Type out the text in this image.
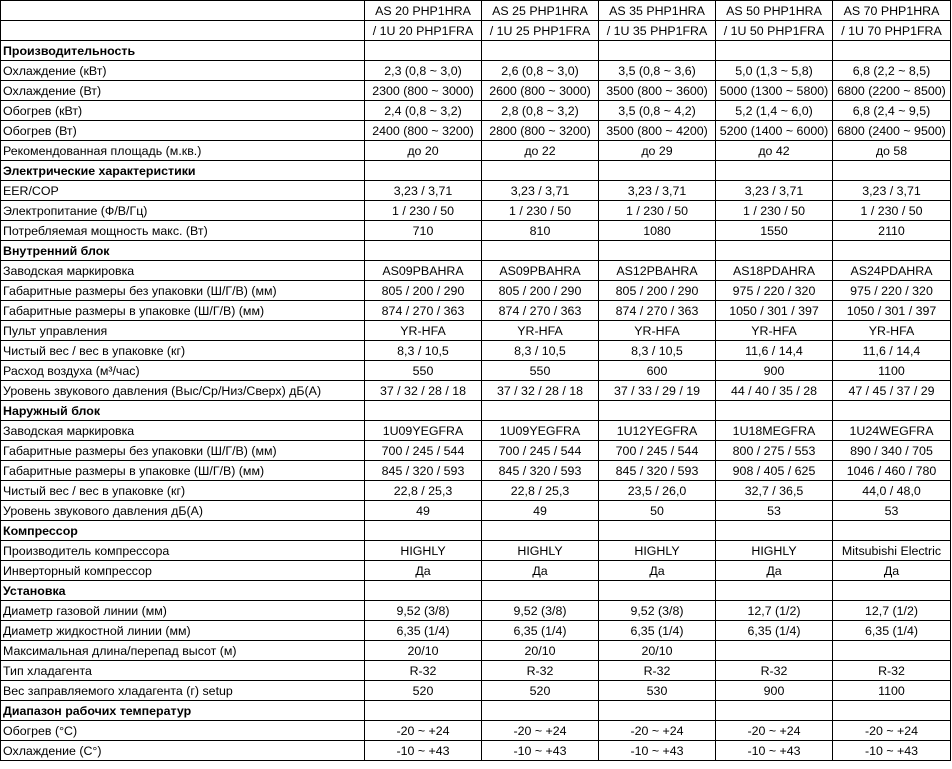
	AS 20 PHP1HRA	AS 25 PHP1HRA	AS 35 PHP1HRA	AS 50 PHP1HRA	AS 70 PHP1HRA
	/ 1U 20 PHP1FRA	/ 1U 25 PHP1FRA	/ 1U 35 PHP1FRA	/ 1U 50 PHP1FRA	/ 1U 70 PHP1FRA
Производительность					
Охлаждение (кВт)	2,3 (0,8 ~ 3,0)	2,6 (0,8 ~ 3,0)	3,5 (0,8 ~ 3,6)	5,0 (1,3 ~ 5,8)	6,8 (2,2 ~ 8,5)
Охлаждение (Вт)	2300 (800 ~ 3000)	2600 (800 ~ 3000)	3500 (800 ~ 3600)	5000 (1300 ~ 5800)	6800 (2200 ~ 8500)
Обогрев (кВт)	2,4 (0,8 ~ 3,2)	2,8 (0,8 ~ 3,2)	3,5 (0,8 ~ 4,2)	5,2 (1,4 ~ 6,0)	6,8 (2,4 ~ 9,5)
Обогрев (Вт)	2400 (800 ~ 3200)	2800 (800 ~ 3200)	3500 (800 ~ 4200)	5200 (1400 ~ 6000)	6800 (2400 ~ 9500)
Рекомендованная площадь (м.кв.)	до 20	до 22	до 29	до 42	до 58
Электрические характеристики					
EER/COP	3,23 / 3,71	3,23 / 3,71	3,23 / 3,71	3,23 / 3,71	3,23 / 3,71
Электропитание (Ф/В/Гц)	1 / 230 / 50	1 / 230 / 50	1 / 230 / 50	1 / 230 / 50	1 / 230 / 50
Потребляемая мощность макс. (Вт)	710	810	1080	1550	2110
Внутренний блок					
Заводская маркировка	AS09PBAHRA	AS09PBAHRA	AS12PBAHRA	AS18PDAHRA	AS24PDAHRA
Габаритные размеры без упаковки (Ш/Г/В) (мм)	805 / 200 / 290	805 / 200 / 290	805 / 200 / 290	975 / 220 / 320	975 / 220 / 320
Габаритные размеры в упаковке (Ш/Г/В) (мм)	874 / 270 / 363	874 / 270 / 363	874 / 270 / 363	1050 / 301 / 397	1050 / 301 / 397
Пульт управления	YR-HFA	YR-HFA	YR-HFA	YR-HFA	YR-HFA
Чистый вес / вес в упаковке (кг)	8,3 / 10,5	8,3 / 10,5	8,3 / 10,5	11,6 / 14,4	11,6 / 14,4
Расход воздуха (м³/час)	550	550	600	900	1100
Уровень звукового давления (Выс/Ср/Низ/Сверх) дБ(А)	37 / 32 / 28 / 18	37 / 32 / 28 / 18	37 / 33 / 29 / 19	44 / 40 / 35 / 28	47 / 45 / 37 / 29
Наружный блок					
Заводская маркировка	1U09YEGFRA	1U09YEGFRA	1U12YEGFRA	1U18MEGFRA	1U24WEGFRA
Габаритные размеры без упаковки (Ш/Г/В) (мм)	700 / 245 / 544	700 / 245 / 544	700 / 245 / 544	800 / 275 / 553	890 / 340 / 705
Габаритные размеры в упаковке (Ш/Г/В) (мм)	845 / 320 / 593	845 / 320 / 593	845 / 320 / 593	908 / 405 / 625	1046 / 460 / 780
Чистый вес / вес в упаковке (кг)	22,8 / 25,3	22,8 / 25,3	23,5 / 26,0	32,7 / 36,5	44,0 / 48,0
Уровень звукового давления дБ(А)	49	49	50	53	53
Компрессор					
Производитель компрессора	HIGHLY	HIGHLY	HIGHLY	HIGHLY	Mitsubishi Electric
Инверторный компрессор	Да	Да	Да	Да	Да
Установка					
Диаметр газовой линии (мм)	9,52 (3/8)	9,52 (3/8)	9,52 (3/8)	12,7 (1/2)	12,7 (1/2)
Диаметр жидкостной линии (мм)	6,35 (1/4)	6,35 (1/4)	6,35 (1/4)	6,35 (1/4)	6,35 (1/4)
Максимальная длина/перепад высот (м)	20/10	20/10	20/10		
Тип хладагента	R-32	R-32	R-32	R-32	R-32
Вес заправляемого хладагента (г) setup	520	520	530	900	1100
Диапазон рабочих температур					
Обогрев (°С)	-20 ~ +24	-20 ~ +24	-20 ~ +24	-20 ~ +24	-20 ~ +24
Охлаждение (С°)	-10 ~ +43	-10 ~ +43	-10 ~ +43	-10 ~ +43	-10 ~ +43
